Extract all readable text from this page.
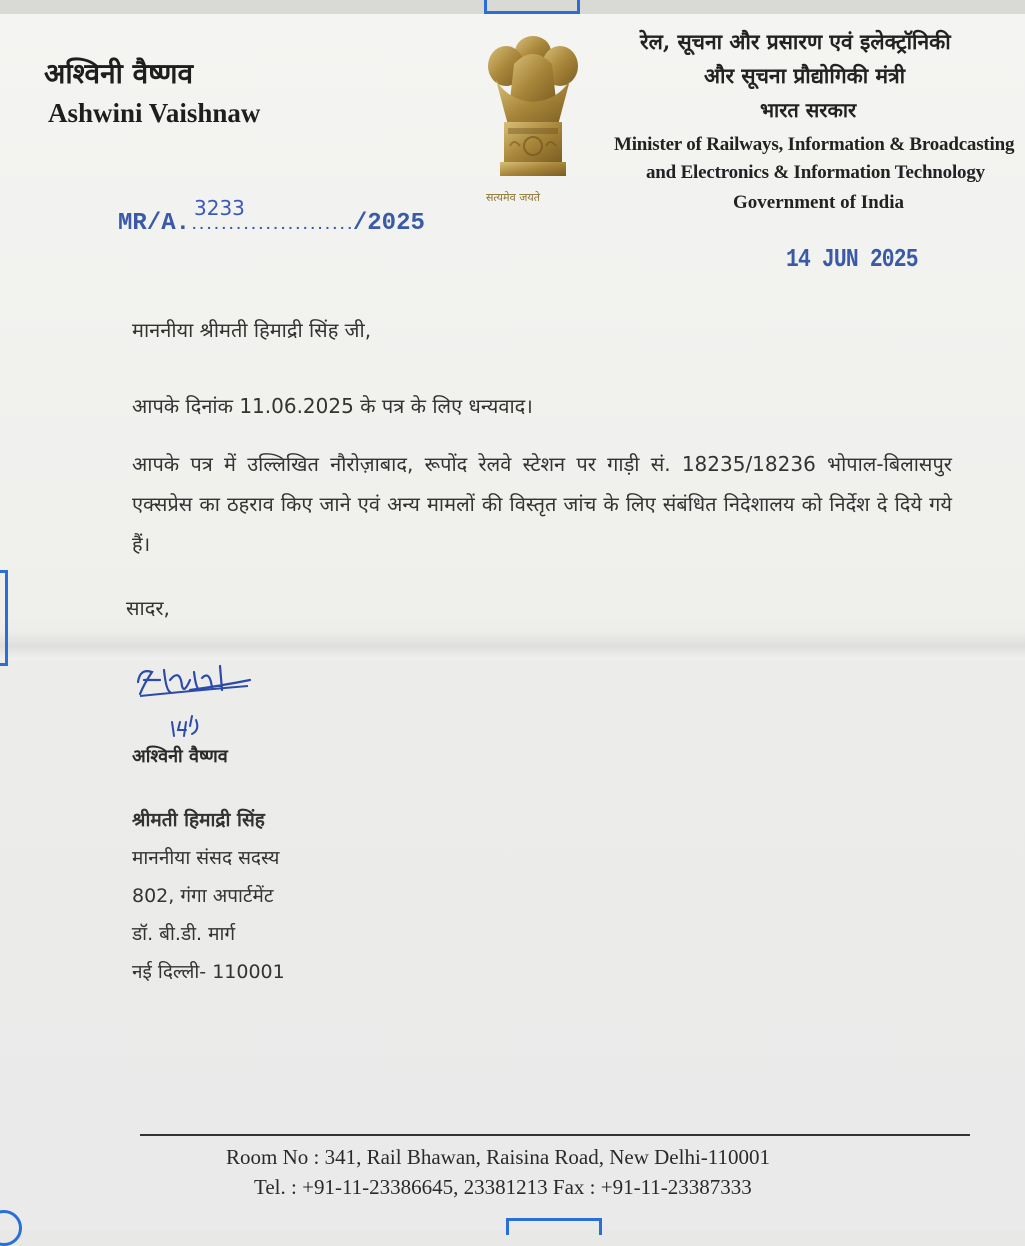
अश्विनी वैष्णव
Ashwini Vaishnaw
MR/A......................./2025
3233	सत्यमेव जयते
रेल, सूचना और प्रसारण एवं इलेक्ट्रॉनिकी
और सूचना प्रौद्योगिकी मंत्री
भारत सरकार
Minister of Railways, Information & Broadcasting
and Electronics & Information Technology
Government of India
14 JUN 2025
माननीया श्रीमती हिमाद्री सिंह जी,
आपके दिनांक 11.06.2025 के पत्र के लिए धन्यवाद।
आपके पत्र में उल्लिखित नौरोज़ाबाद, रूपोंद रेलवे स्टेशन पर गाड़ी सं. 18235/18236 भोपाल-बिलासपुर एक्सप्रेस का ठहराव किए जाने एवं अन्य मामलों की विस्तृत जांच के लिए संबंधित निदेशालय को निर्देश दे दिये गये हैं।
सादर,
अश्विनी वैष्णव
श्रीमती हिमाद्री सिंह
माननीया संसद सदस्य
802, गंगा अपार्टमेंट
डॉ. बी.डी. मार्ग
नई दिल्ली- 110001
Room No : 341, Rail Bhawan, Raisina Road, New Delhi-110001
Tel. : +91-11-23386645, 23381213 Fax : +91-11-23387333
